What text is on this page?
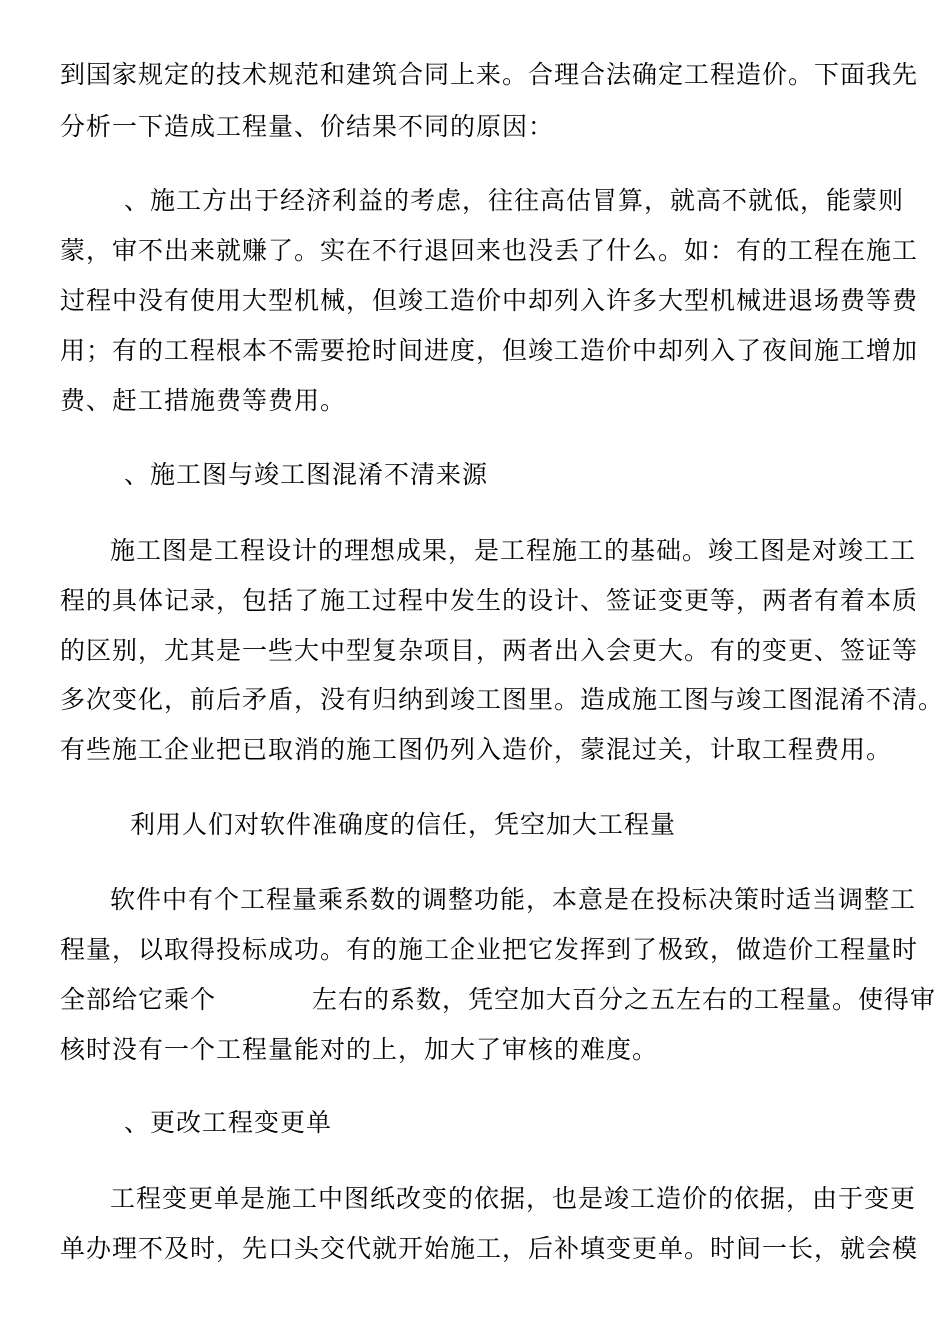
到国家规定的技术规范和建筑合同上来。合理合法确定工程造价。下面我先
分析一下造成工程量、价结果不同的原因：
、施工方出于经济利益的考虑，往往高估冒算，就高不就低，能蒙则
蒙，审不出来就赚了。实在不行退回来也没丢了什么。如：有的工程在施工
过程中没有使用大型机械，但竣工造价中却列入许多大型机械进退场费等费
用；有的工程根本不需要抢时间进度，但竣工造价中却列入了夜间施工增加
费、赶工措施费等费用。
、施工图与竣工图混淆不清来源
施工图是工程设计的理想成果，是工程施工的基础。竣工图是对竣工工
程的具体记录，包括了施工过程中发生的设计、签证变更等，两者有着本质
的区别，尤其是一些大中型复杂项目，两者出入会更大。有的变更、签证等
多次变化，前后矛盾，没有归纳到竣工图里。造成施工图与竣工图混淆不清。
有些施工企业把已取消的施工图仍列入造价，蒙混过关，计取工程费用。
利用人们对软件准确度的信任，凭空加大工程量
软件中有个工程量乘系数的调整功能，本意是在投标决策时适当调整工
程量，以取得投标成功。有的施工企业把它发挥到了极致，做造价工程量时
全部给它乘个	左右的系数，凭空加大百分之五左右的工程量。使得审
核时没有一个工程量能对的上，加大了审核的难度。
、更改工程变更单
工程变更单是施工中图纸改变的依据，也是竣工造价的依据，由于变更
单办理不及时，先口头交代就开始施工，后补填变更单。时间一长，就会模
